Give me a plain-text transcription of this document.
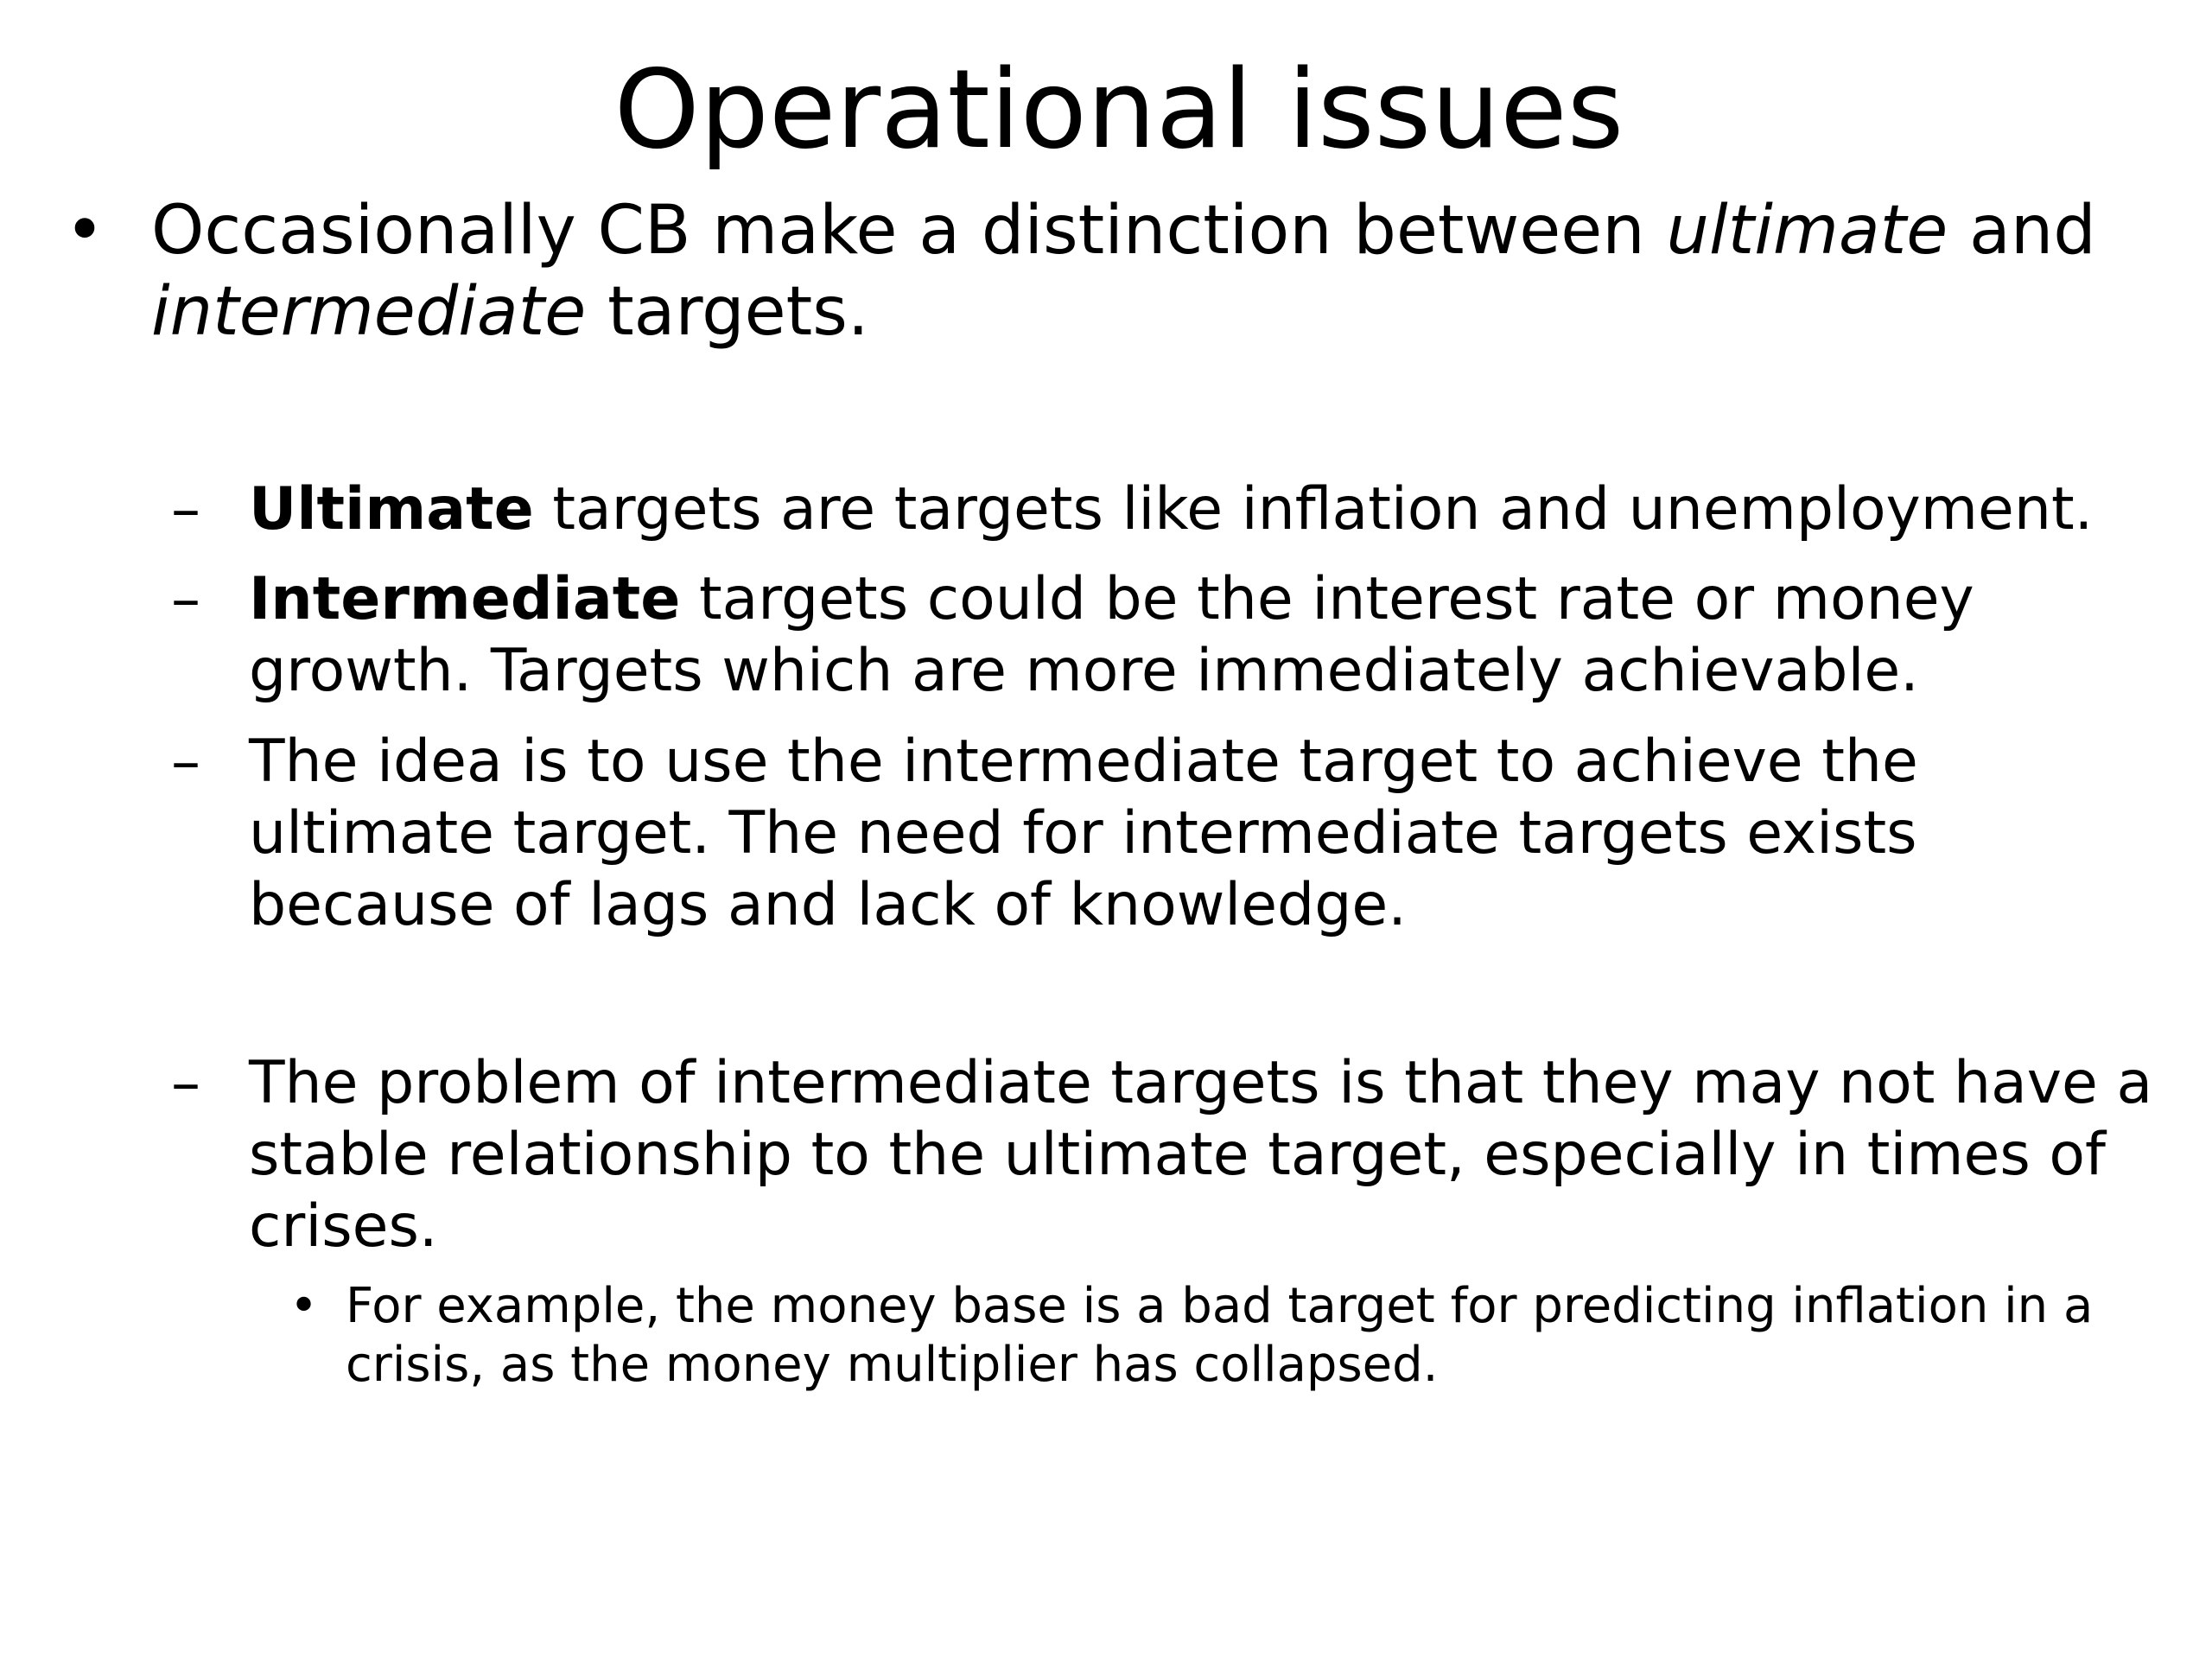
Operational issues

• Occasionally CB make a distinction between ultimate and
intermediate targets.

– Ultimate targets are targets like inflation and unemployment.

– Intermediate targets could be the interest rate or money growth. Targets which are more immediately achievable.

– The idea is to use the intermediate target to achieve the ultimate target. The need for intermediate targets exists because of lags and lack of knowledge.

– The problem of intermediate targets is that they may not have a stable relationship to the ultimate target, especially in times of crises.

• For example, the money base is a bad target for predicting inflation in a crisis, as the money multiplier has collapsed.
